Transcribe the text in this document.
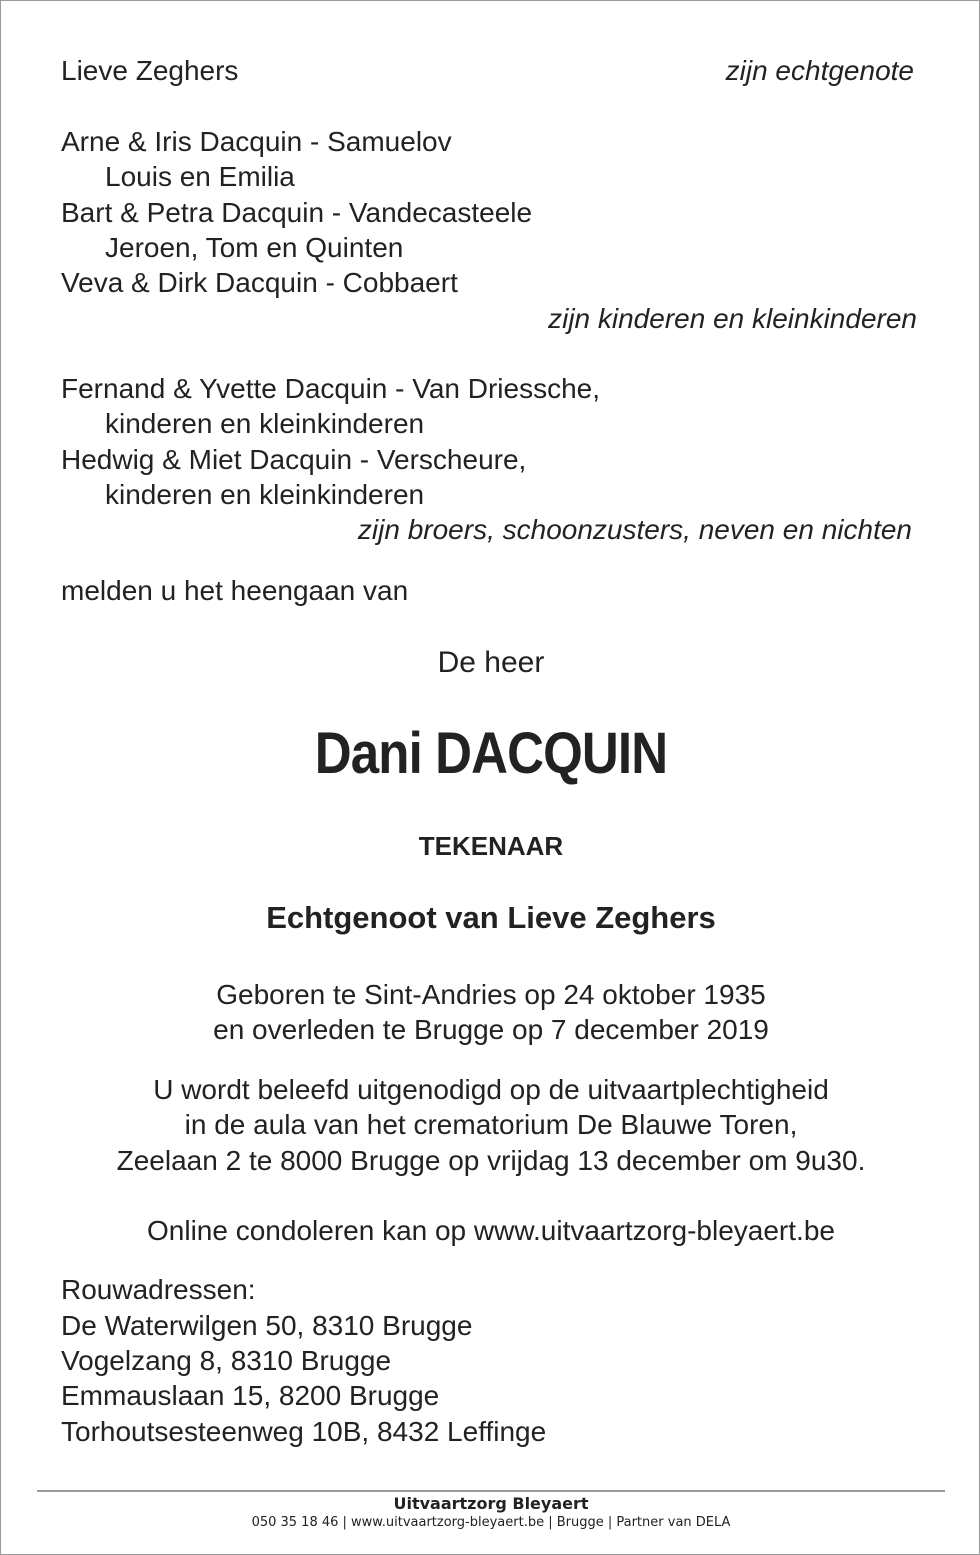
Lieve Zeghers	zijn echtgenote
Arne & Iris Dacquin - Samuelov
Louis en Emilia
Bart & Petra Dacquin - Vandecasteele
Jeroen, Tom en Quinten
Veva & Dirk Dacquin - Cobbaert
zijn kinderen en kleinkinderen
Fernand & Yvette Dacquin - Van Driessche,
kinderen en kleinkinderen
Hedwig & Miet Dacquin - Verscheure,
kinderen en kleinkinderen
zijn broers, schoonzusters, neven en nichten
melden u het heengaan van
De heer
Dani DACQUIN
TEKENAAR
Echtgenoot van Lieve Zeghers
Geboren te Sint-Andries op 24 oktober 1935
en overleden te Brugge op 7 december 2019
U wordt beleefd uitgenodigd op de uitvaartplechtigheid
in de aula van het crematorium De Blauwe Toren,
Zeelaan 2 te 8000 Brugge op vrijdag 13 december om 9u30.
Online condoleren kan op www.uitvaartzorg-bleyaert.be
Rouwadressen:
De Waterwilgen 50, 8310 Brugge
Vogelzang 8, 8310 Brugge
Emmauslaan 15, 8200 Brugge
Torhoutsesteenweg 10B, 8432 Leffinge
Uitvaartzorg Bleyaert
050 35 18 46 | www.uitvaartzorg-bleyaert.be | Brugge | Partner van DELA
